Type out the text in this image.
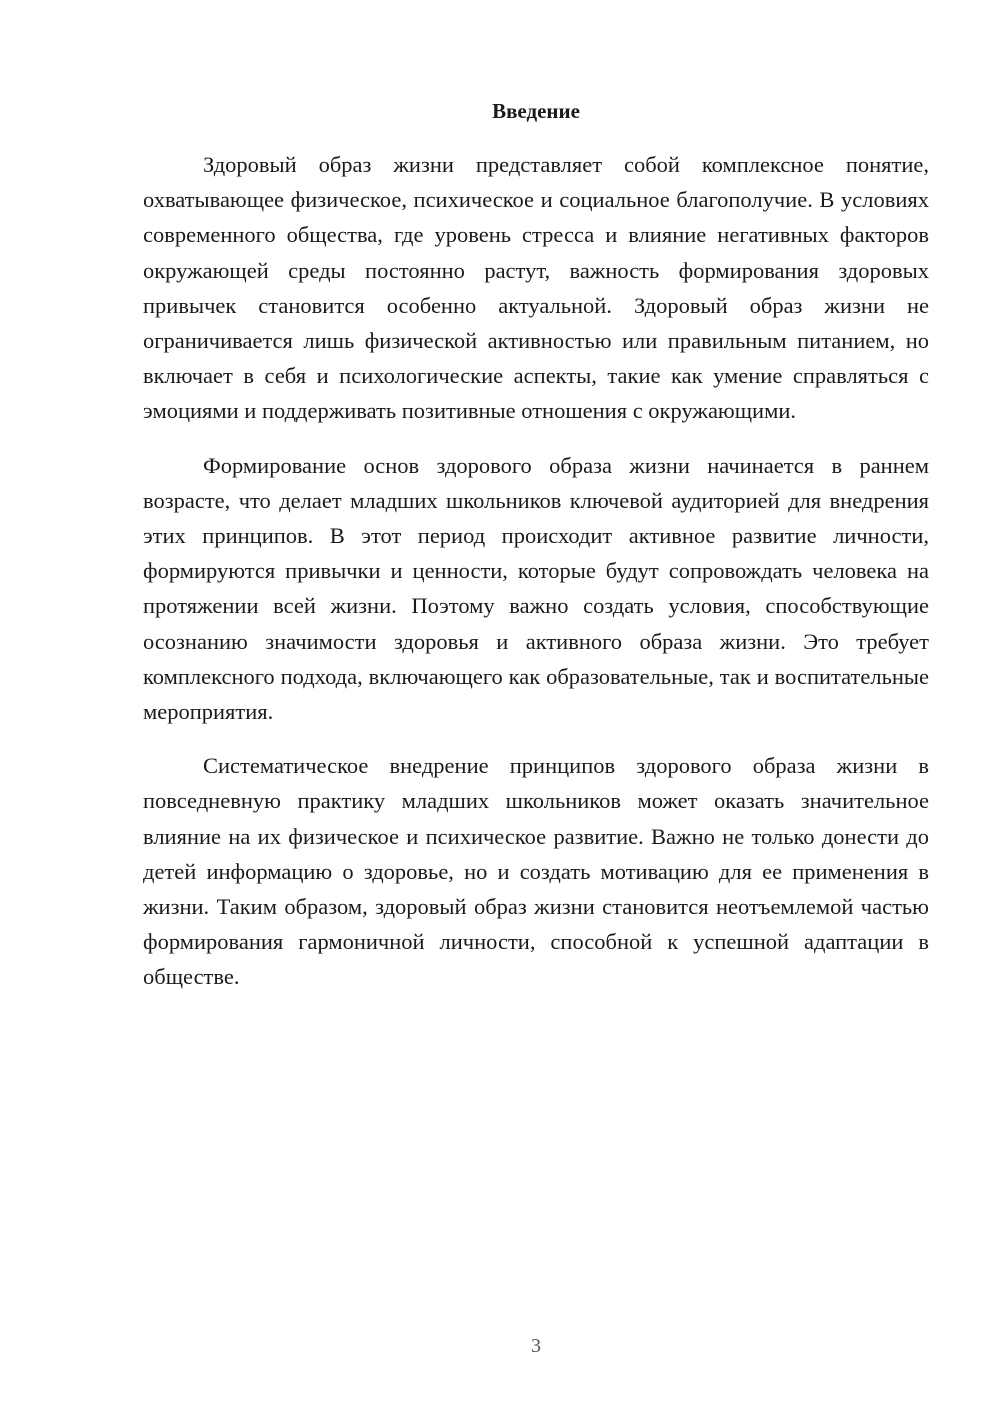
Введение

Здоровый образ жизни представляет собой комплексное понятие, охватывающее физическое, психическое и социальное благополучие. В условиях современного общества, где уровень стресса и влияние негативных факторов окружающей среды постоянно растут, важность формирования здоровых привычек становится особенно актуальной. Здоровый образ жизни не ограничивается лишь физической активностью или правильным питанием, но включает в себя и психологические аспекты, такие как умение справляться с эмоциями и поддерживать позитивные отношения с окружающими.

Формирование основ здорового образа жизни начинается в раннем возрасте, что делает младших школьников ключевой аудиторией для внедрения этих принципов. В этот период происходит активное развитие личности, формируются привычки и ценности, которые будут сопровождать человека на протяжении всей жизни. Поэтому важно создать условия, способствующие осознанию значимости здоровья и активного образа жизни. Это требует комплексного подхода, включающего как образовательные, так и воспитательные мероприятия.

Систематическое внедрение принципов здорового образа жизни в повседневную практику младших школьников может оказать значительное влияние на их физическое и психическое развитие. Важно не только донести до детей информацию о здоровье, но и создать мотивацию для ее применения в жизни. Таким образом, здоровый образ жизни становится неотъемлемой частью формирования гармоничной личности, способной к успешной адаптации в обществе.

3
